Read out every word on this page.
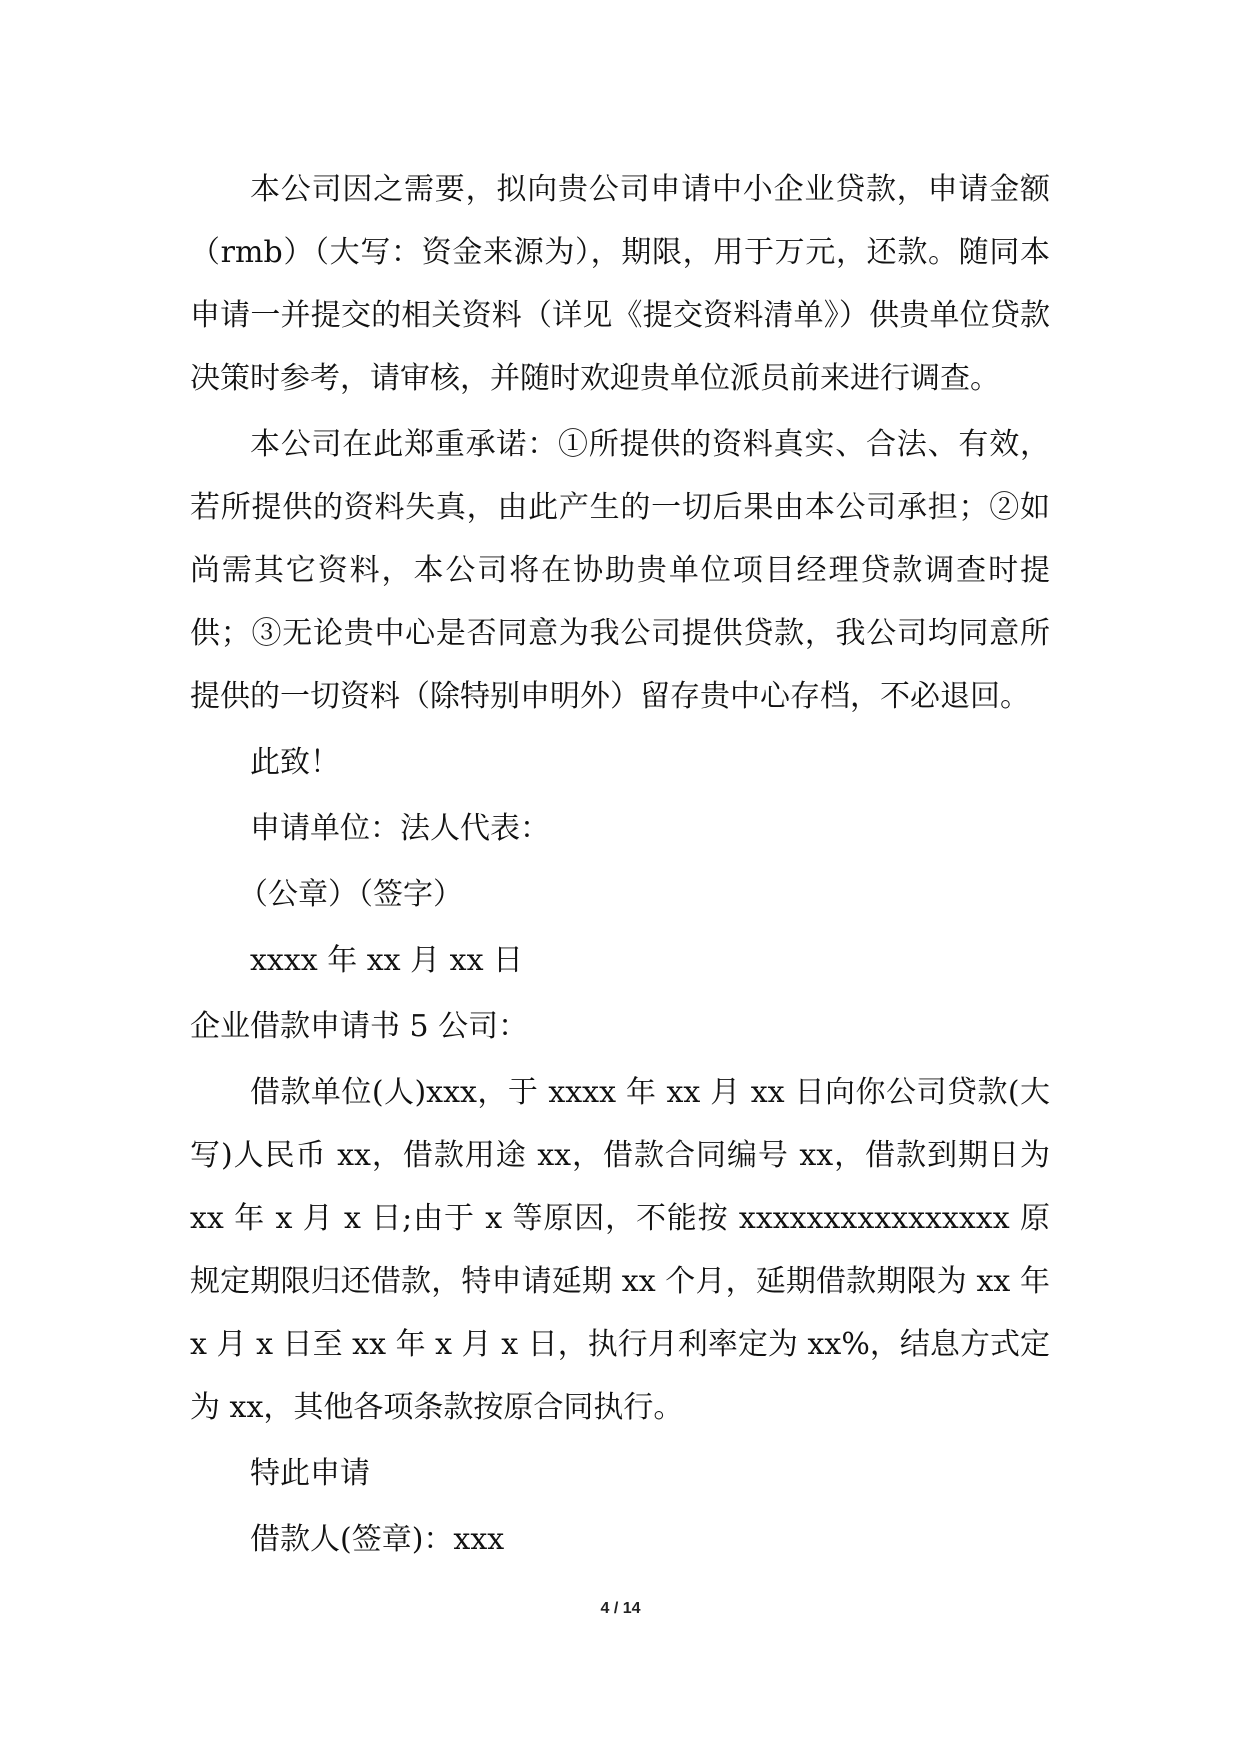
本公司因之需要，拟向贵公司申请中小企业贷款，申请金额（rmb）（大写：资金来源为），期限，用于万元，还款。随同本申请一并提交的相关资料（详见《提交资料清单》）供贵单位贷款决策时参考，请审核，并随时欢迎贵单位派员前来进行调查。

本公司在此郑重承诺：①所提供的资料真实、合法、有效，若所提供的资料失真，由此产生的一切后果由本公司承担；②如尚需其它资料，本公司将在协助贵单位项目经理贷款调查时提供；③无论贵中心是否同意为我公司提供贷款，我公司均同意所提供的一切资料（除特别申明外）留存贵中心存档，不必退回。

此致！

申请单位：法人代表：

（公章）（签字）

xxxx 年 xx 月 xx 日

企业借款申请书 5 公司：

借款单位(人)xxx，于 xxxx 年 xx 月 xx 日向你公司贷款(大写)人民币 xx，借款用途 xx，借款合同编号 xx，借款到期日为 xx 年 x 月 x 日;由于 x 等原因，不能按 xxxxxxxxxxxxxxxx 原规定期限归还借款，特申请延期 xx 个月，延期借款期限为 xx 年 x 月 x 日至 xx 年 x 月 x 日，执行月利率定为 xx%，结息方式定为 xx，其他各项条款按原合同执行。

特此申请

借款人(签章)：xxx

4 / 14
